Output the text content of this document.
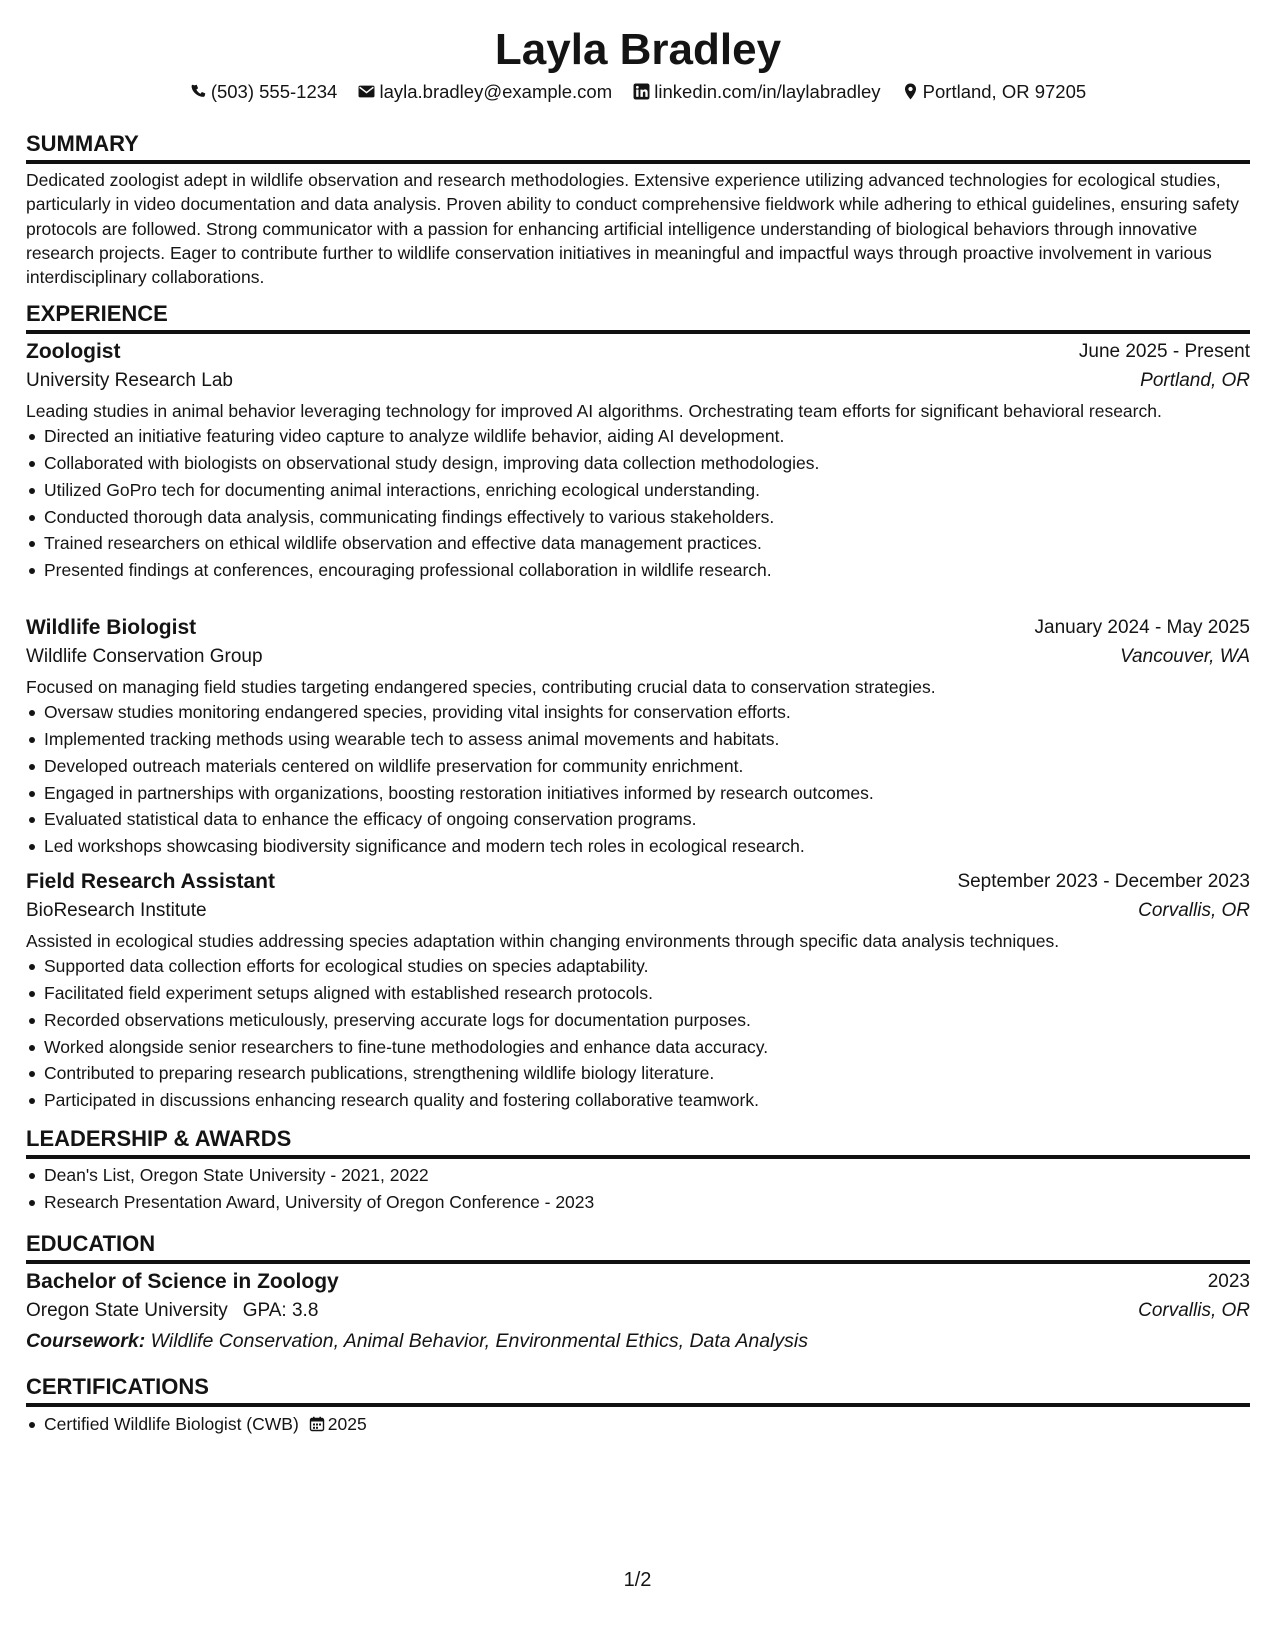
Layla Bradley
(503) 555-1234 layla.bradley@example.com linkedin.com/in/laylabradley Portland, OR 97205
SUMMARY

Dedicated zoologist adept in wildlife observation and research methodologies. Extensive experience utilizing advanced technologies for ecological studies, particularly in video documentation and data analysis. Proven ability to conduct comprehensive fieldwork while adhering to ethical guidelines, ensuring safety protocols are followed. Strong communicator with a passion for enhancing artificial intelligence understanding of biological behaviors through innovative research projects. Eager to contribute further to wildlife conservation initiatives in meaningful and impactful ways through proactive involvement in various interdisciplinary collaborations.

EXPERIENCE
Zoologist	June 2025 - Present
University Research Lab	Portland, OR

Leading studies in animal behavior leveraging technology for improved AI algorithms. Orchestrating team efforts for significant behavioral research.

Directed an initiative featuring video capture to analyze wildlife behavior, aiding AI development.
Collaborated with biologists on observational study design, improving data collection methodologies.
Utilized GoPro tech for documenting animal interactions, enriching ecological understanding.
Conducted thorough data analysis, communicating findings effectively to various stakeholders.
Trained researchers on ethical wildlife observation and effective data management practices.
Presented findings at conferences, encouraging professional collaboration in wildlife research.
Wildlife Biologist	January 2024 - May 2025
Wildlife Conservation Group	Vancouver, WA

Focused on managing field studies targeting endangered species, contributing crucial data to conservation strategies.

Oversaw studies monitoring endangered species, providing vital insights for conservation efforts.
Implemented tracking methods using wearable tech to assess animal movements and habitats.
Developed outreach materials centered on wildlife preservation for community enrichment.
Engaged in partnerships with organizations, boosting restoration initiatives informed by research outcomes.
Evaluated statistical data to enhance the efficacy of ongoing conservation programs.
Led workshops showcasing biodiversity significance and modern tech roles in ecological research.
Field Research Assistant	September 2023 - December 2023
BioResearch Institute	Corvallis, OR

Assisted in ecological studies addressing species adaptation within changing environments through specific data analysis techniques.

Supported data collection efforts for ecological studies on species adaptability.
Facilitated field experiment setups aligned with established research protocols.
Recorded observations meticulously, preserving accurate logs for documentation purposes.
Worked alongside senior researchers to fine-tune methodologies and enhance data accuracy.
Contributed to preparing research publications, strengthening wildlife biology literature.
Participated in discussions enhancing research quality and fostering collaborative teamwork.
LEADERSHIP & AWARDS
Dean's List, Oregon State University - 2021, 2022
Research Presentation Award, University of Oregon Conference - 2023
EDUCATION
Bachelor of Science in Zoology	2023
Oregon State University GPA: 3.8	Corvallis, OR
Coursework: Wildlife Conservation, Animal Behavior, Environmental Ethics, Data Analysis
CERTIFICATIONS
Certified Wildlife Biologist (CWB) 2025
1/2
